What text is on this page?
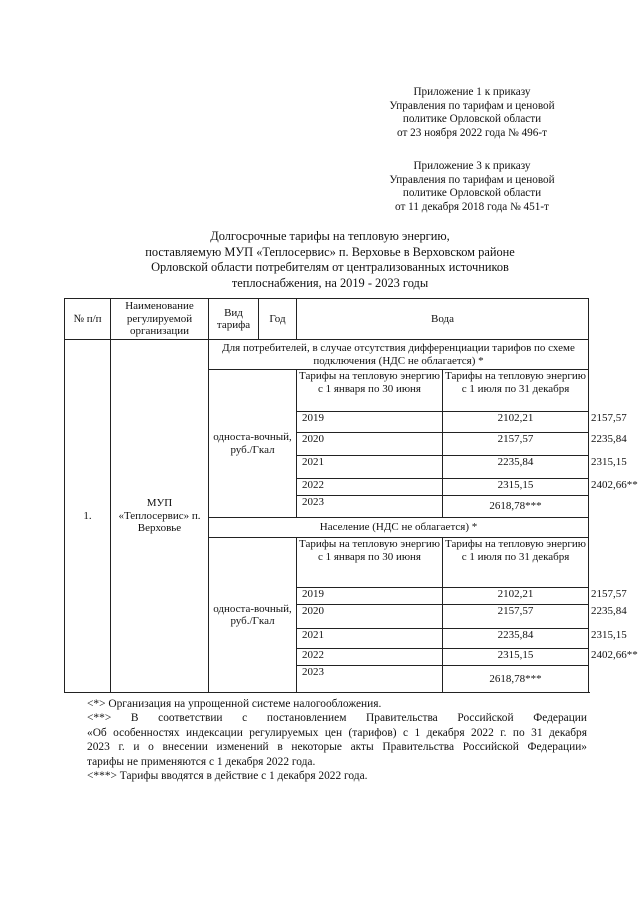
Приложение 1 к приказу
Управления по тарифам и ценовой
политике Орловской области
от 23 ноября 2022 года № 496-т
Приложение 3 к приказу
Управления по тарифам и ценовой
политике Орловской области
от 11 декабря 2018 года № 451-т
Долгосрочные тарифы на тепловую энергию,
поставляемую МУП «Теплосервис» п. Верховье в Верховском районе
Орловской области потребителям от централизованных источников
теплоснабжения, на 2019 - 2023 годы
№ п/п	Наименование регулируемой организации	Вид тарифа	Год	Вода		
1.	МУП «Теплосервис» п. Верховье	Для потребителей, в случае отсутствия дифференциации тарифов по схеме подключения (НДС не облагается) *				
		односта-вочный, руб./Гкал		Тарифы на тепловую энергию с 1 января по 30 июня	Тарифы на тепловую энергию с 1 июля по 31 декабря	
				2019	2102,21	2157,57
				2020	2157,57	2235,84
				2021	2235,84	2315,15
				2022	2315,15	2402,66**
				2023	2618,78***	
		Население (НДС не облагается) *				
		односта-вочный, руб./Гкал		Тарифы на тепловую энергию с 1 января по 30 июня	Тарифы на тепловую энергию с 1 июля по 31 декабря	
				2019	2102,21	2157,57
				2020	2157,57	2235,84
				2021	2235,84	2315,15
				2022	2315,15	2402,66**
				2023	2618,78***	

<*> Организация на упрощенной системе налогообложения.

<**> В соответствии с постановлением Правительства Российской Федерации

«Об особенностях индексации регулируемых цен (тарифов) с 1 декабря 2022 г. по 31 декабря

2023 г. и о внесении изменений в некоторые акты Правительства Российской Федерации»

тарифы не применяются с 1 декабря 2022 года.

<***> Тарифы вводятся в действие с 1 декабря 2022 года.
